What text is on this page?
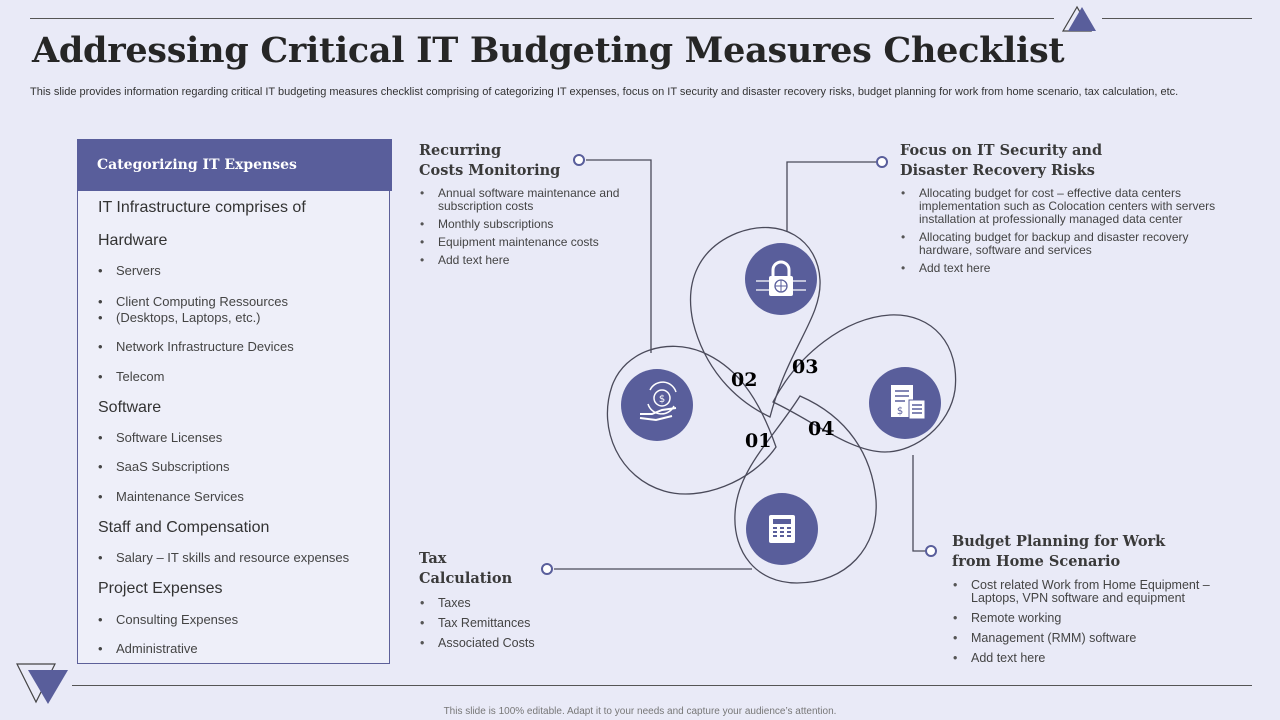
Addressing Critical IT Budgeting Measures Checklist
This slide provides information regarding critical IT budgeting measures checklist comprising of categorizing IT expenses, focus on IT security and disaster recovery risks, budget planning for work from home scenario, tax calculation, etc.
Categorizing IT Expenses
IT Infrastructure comprises of
Hardware
• Servers
• Client Computing Ressources
• (Desktops, Laptops, etc.)
• Network Infrastructure Devices
• Telecom
Software
• Software Licenses
• SaaS Subscriptions
• Maintenance Services
Staff and Compensation
• Salary – IT skills and resource expenses
Project Expenses
• Consulting Expenses
• Administrative
$
$
02
03
01
04
Recurring
Costs Monitoring
• Annual software maintenance and subscription costs
• Monthly subscriptions
• Equipment maintenance costs
• Add text here
Focus on IT Security and
Disaster Recovery Risks
• Allocating budget for cost – effective data centers implementation such as Colocation centers with servers installation at professionally managed data center
• Allocating budget for backup and disaster recovery hardware, software and services
• Add text here
Tax
Calculation
• Taxes
• Tax Remittances
• Associated Costs
Budget Planning for Work
from Home Scenario
• Cost related Work from Home Equipment – Laptops, VPN software and equipment
• Remote working
• Management (RMM) software
• Add text here
This slide is 100% editable. Adapt it to your needs and capture your audience’s attention.
